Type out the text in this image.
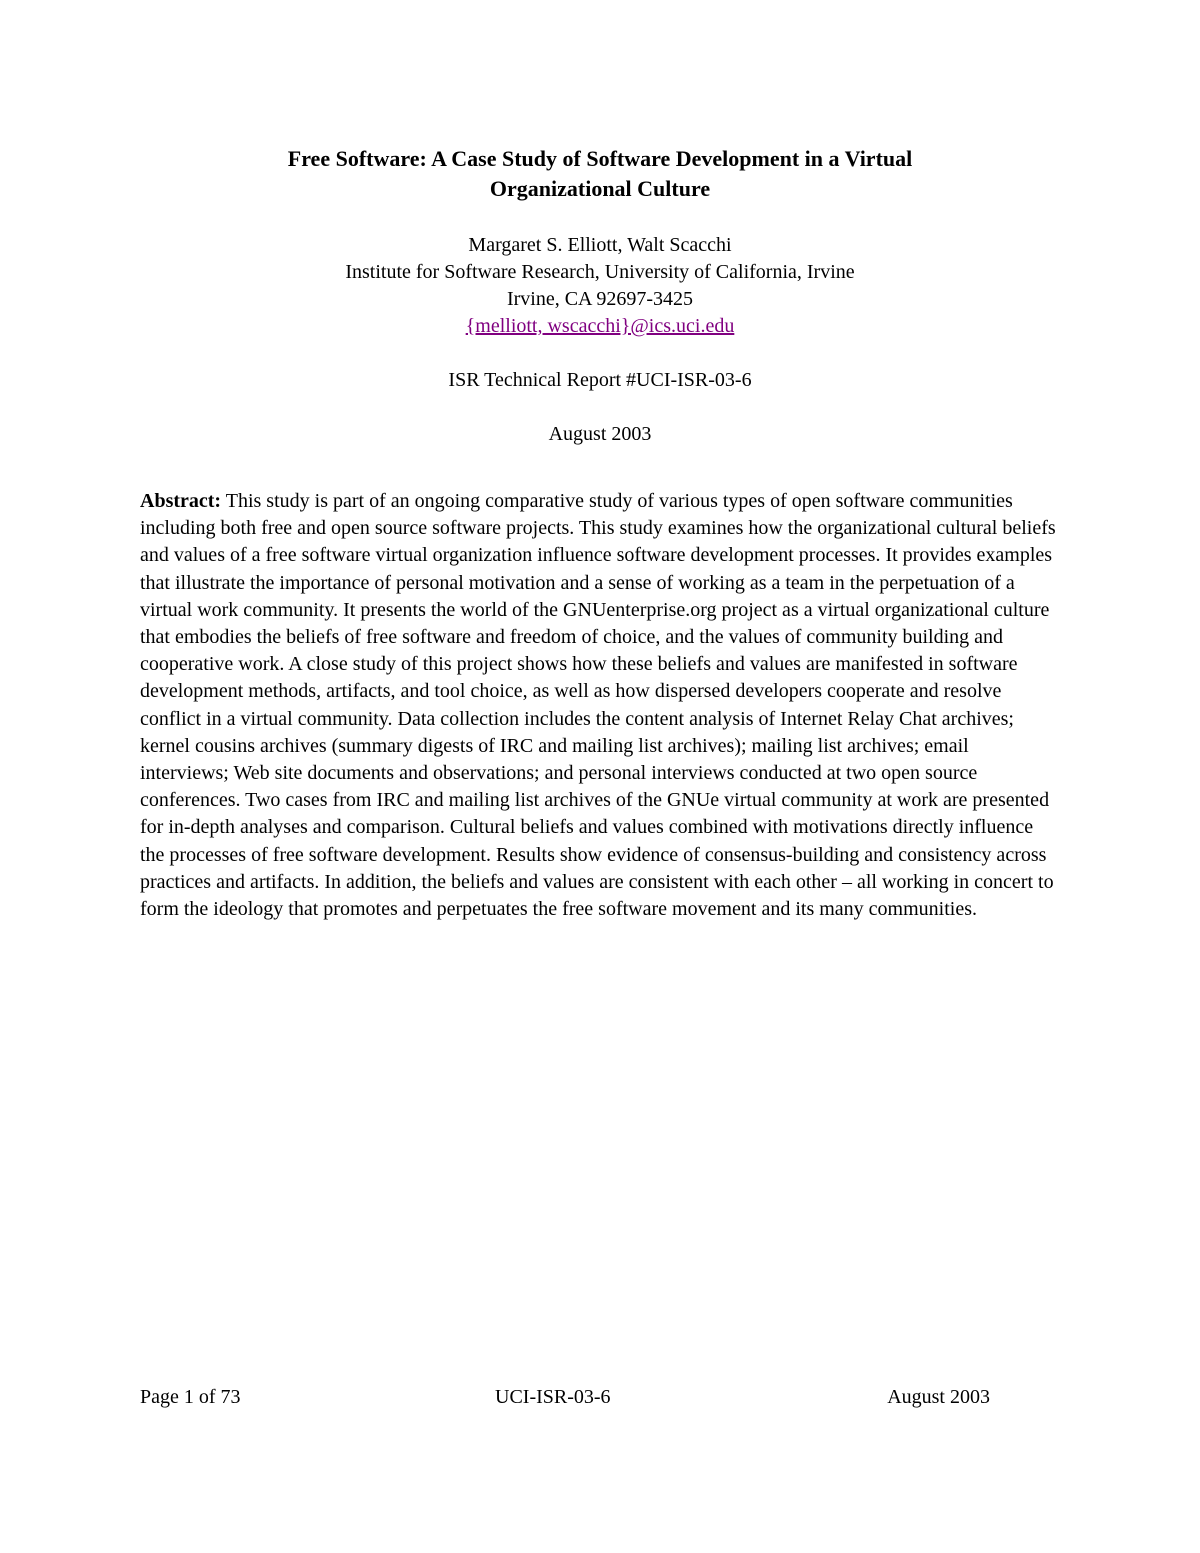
Free Software: A Case Study of Software Development in a Virtual
Organizational Culture
Margaret S. Elliott, Walt Scacchi
Institute for Software Research, University of California, Irvine
Irvine, CA 92697-3425
{melliott, wscacchi}@ics.uci.edu
ISR Technical Report #UCI-ISR-03-6
August 2003
Abstract: This study is part of an ongoing comparative study of various types of open software communities including both free and open source software projects. This study examines how the organizational cultural beliefs and values of a free software virtual organization influence software development processes. It provides examples that illustrate the importance of personal motivation and a sense of working as a team in the perpetuation of a virtual work community. It presents the world of the GNUenterprise.org project as a virtual organizational culture that embodies the beliefs of free software and freedom of choice, and the values of community building and cooperative work. A close study of this project shows how these beliefs and values are manifested in software development methods, artifacts, and tool choice, as well as how dispersed developers cooperate and resolve conflict in a virtual community. Data collection includes the content analysis of Internet Relay Chat archives; kernel cousins archives (summary digests of IRC and mailing list archives); mailing list archives; email interviews; Web site documents and observations; and personal interviews conducted at two open source conferences. Two cases from IRC and mailing list archives of the GNUe virtual community at work are presented for in-depth analyses and comparison. Cultural beliefs and values combined with motivations directly influence the processes of free software development. Results show evidence of consensus-building and consistency across practices and artifacts. In addition, the beliefs and values are consistent with each other – all working in concert to form the ideology that promotes and perpetuates the free software movement and its many communities.
Page 1 of 73	UCI-ISR-03-6	August 2003
